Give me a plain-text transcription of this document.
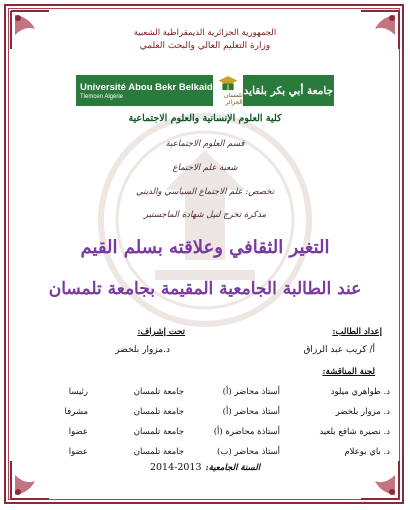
الجمهورية الجزائرية الديمقراطية الشعبية
وزارة التعليم العالي والبحث العلمي
Université Abou Bekr Belkaid
Tlemcen Algérie	تلمسان الجزائر
جامعة أبي بكر بلقايد
كلية العلوم الإنسانية والعلوم الاجتماعية
قسم العلوم الاجتماعية
شعبة علم الاجتماع
تخصص: علم الاجتماع السياسي والديني
مذكرة تخرج لنيل شهادة الماجستير
التغير الثقافي وعلاقته بسلم القيم
عند الطالبة الجامعية المقيمة بجامعة تلمسان
إعداد الطالب:
تحت إشراف:
أ/ كريب عبد الرزاق
د.مزوار بلخضر
لجنة المناقشة:
د. طواهري ميلود	أستاذ محاضر (أ)	جامعة تلمسان	رئيسا
د. مزوار بلخضر	أستاذ محاضر (أ)	جامعة تلمسان	مشرفا
د. نصيرة شافع بلعيد	أستاذة محاضرة (أ)	جامعة تلمسان	عضوا
د. باي بوعلام	أستاذ محاضر (ب)	جامعة تلمسان	عضوا
السنة الجامعية:
2014-2013
